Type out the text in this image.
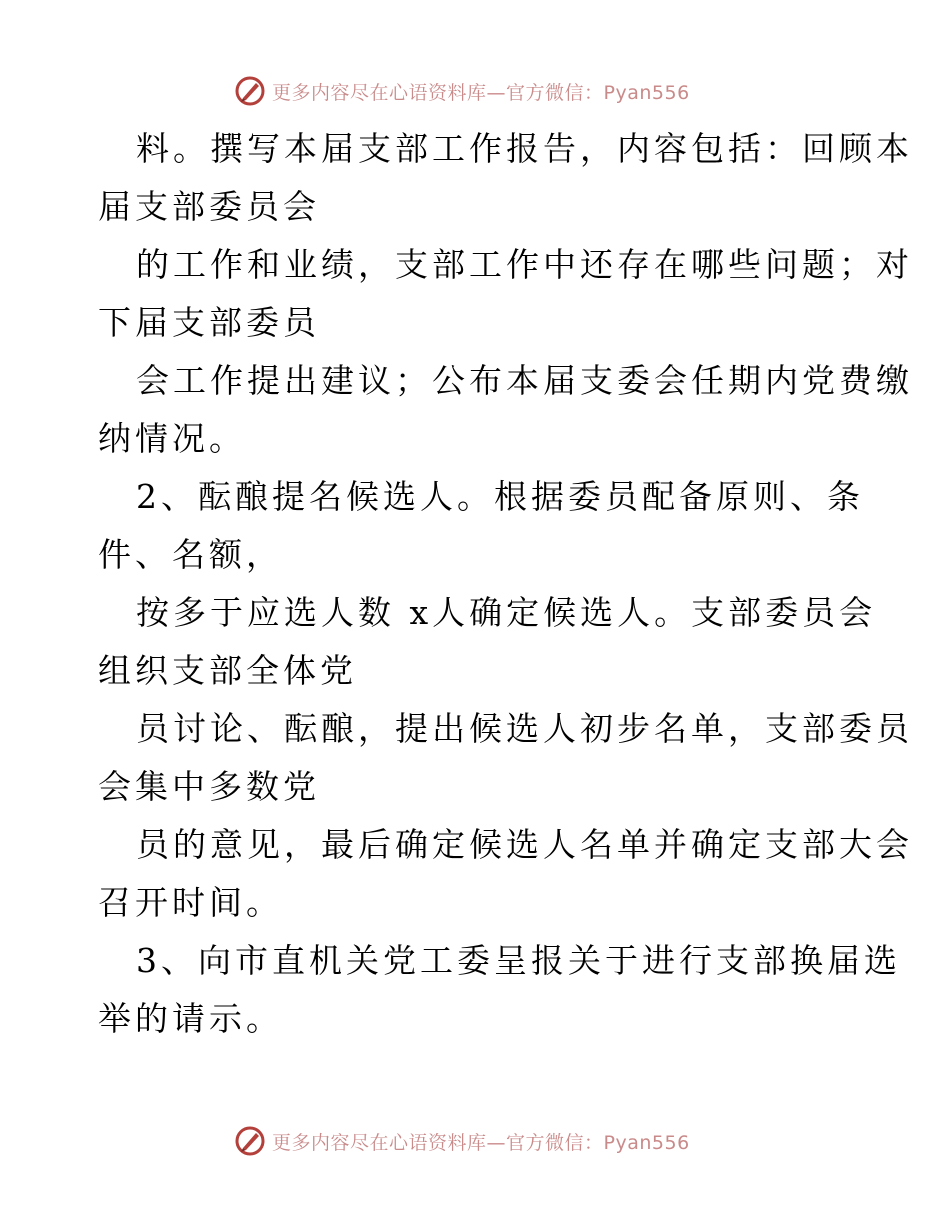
更多内容尽在心语资料库—官方微信：Pyan556
料。撰写本届支部工作报告，内容包括：回顾本
届支部委员会
的工作和业绩，支部工作中还存在哪些问题；对
下届支部委员
会工作提出建议；公布本届支委会任期内党费缴
纳情况。
2、酝酿提名候选人。根据委员配备原则、条
件、名额，
按多于应选人数 x人确定候选人。支部委员会
组织支部全体党
员讨论、酝酿，提出候选人初步名单，支部委员
会集中多数党
员的意见，最后确定候选人名单并确定支部大会
召开时间。
3、向市直机关党工委呈报关于进行支部换届选
举的请示。
更多内容尽在心语资料库—官方微信：Pyan556
